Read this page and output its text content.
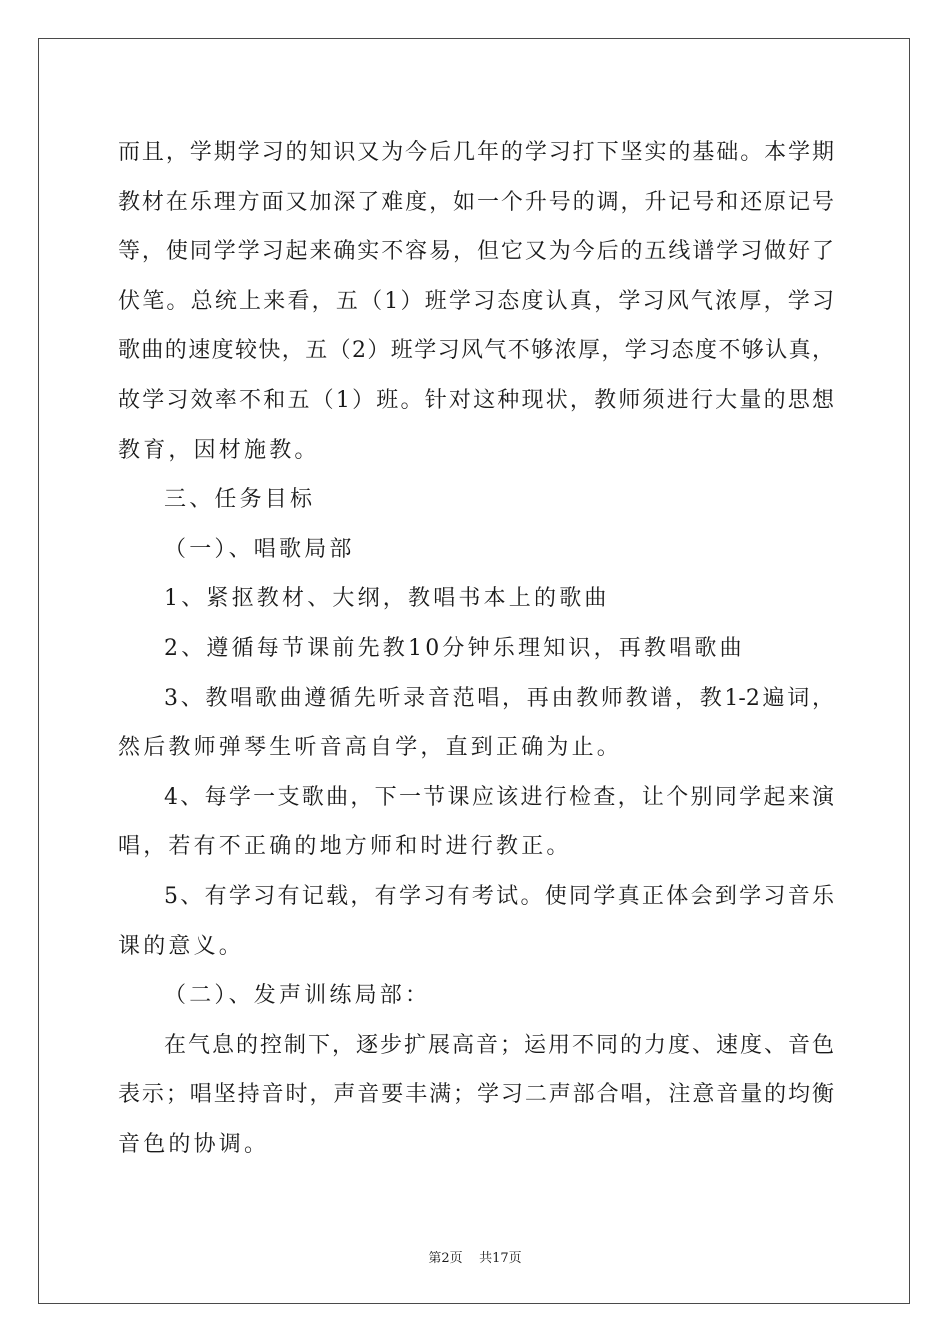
而且，学期学习的知识又为今后几年的学习打下坚实的基础。本学期
教材在乐理方面又加深了难度，如一个升号的调，升记号和还原记号
等，使同学学习起来确实不容易，但它又为今后的五线谱学习做好了
伏笔。总统上来看，五（1）班学习态度认真，学习风气浓厚，学习
歌曲的速度较快，五（2）班学习风气不够浓厚，学习态度不够认真，
故学习效率不和五（1）班。针对这种现状，教师须进行大量的思想
教育，因材施教。
三、任务目标
（一）、唱歌局部
1、紧抠教材、大纲，教唱书本上的歌曲
2、遵循每节课前先教10分钟乐理知识，再教唱歌曲
3、教唱歌曲遵循先听录音范唱，再由教师教谱，教1-2遍词，
然后教师弹琴生听音高自学，直到正确为止。
4、每学一支歌曲，下一节课应该进行检查，让个别同学起来演
唱，若有不正确的地方师和时进行教正。
5、有学习有记载，有学习有考试。使同学真正体会到学习音乐
课的意义。
（二）、发声训练局部：
在气息的控制下，逐步扩展高音；运用不同的力度、速度、音色
表示；唱坚持音时，声音要丰满；学习二声部合唱，注意音量的均衡
音色的协调。
第2页    共17页
